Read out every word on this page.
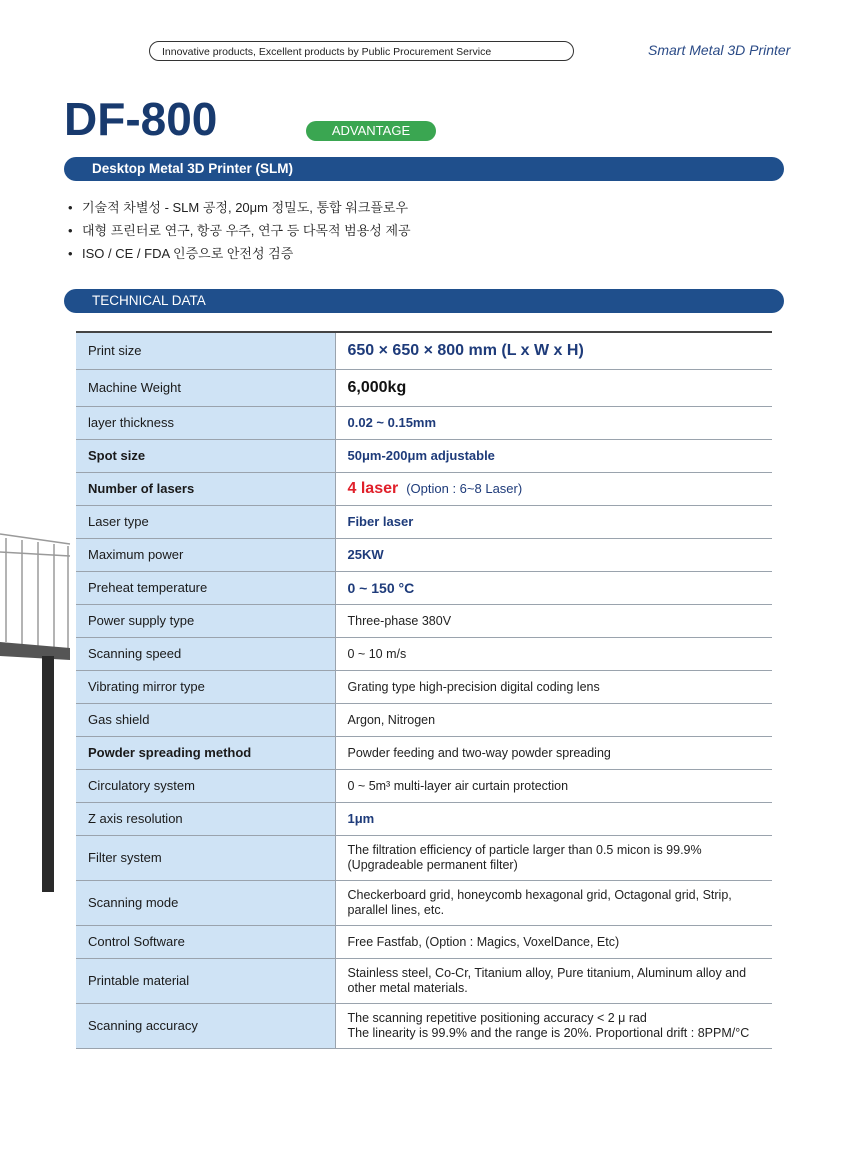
Innovative products, Excellent products by Public Procurement Service	Smart Metal 3D Printer
DF-800	ADVANTAGE
Desktop Metal 3D Printer (SLM)
• 기술적 차별성 - SLM 공정, 20μm 정밀도, 통합 워크플로우
• 대형 프린터로 연구, 항공 우주, 연구 등 다목적 범용성 제공
• ISO / CE / FDA 인증으로 안전성 검증
TECHNICAL DATA
Print size	650 × 650 × 800 mm (L x W x H)
Machine Weight	6,000kg
layer thickness	0.02 ~ 0.15mm
Spot size	50μm-200μm adjustable
Number of lasers	4 laser (Option : 6~8 Laser)
Laser type	Fiber laser
Maximum power	25KW
Preheat temperature	0 ~ 150 °C
Power supply type	Three-phase 380V
Scanning speed	0 ~ 10 m/s
Vibrating mirror type	Grating type high-precision digital coding lens
Gas shield	Argon, Nitrogen
Powder spreading method	Powder feeding and two-way powder spreading
Circulatory system	0 ~ 5m³ multi-layer air curtain protection
Z axis resolution	1μm
Filter system	The filtration efficiency of particle larger than 0.5 micon is 99.9%
(Upgradeable permanent filter)

Scanning mode	Checkerboard grid, honeycomb hexagonal grid, Octagonal grid, Strip,
parallel lines, etc.

Control Software	Free Fastfab, (Option : Magics, VoxelDance, Etc)
Printable material	Stainless steel, Co-Cr, Titanium alloy, Pure titanium, Aluminum alloy and
other metal materials.

Scanning accuracy	The scanning repetitive positioning accuracy < 2 μ rad
The linearity is 99.9% and the range is 20%. Proportional drift : 8PPM/°C
